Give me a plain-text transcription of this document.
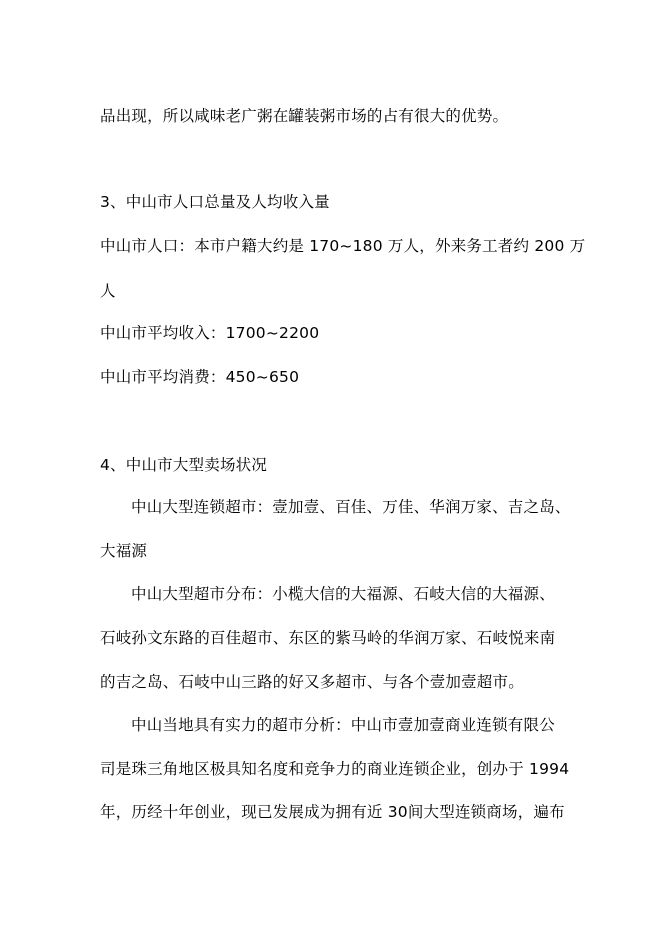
品出现，所以咸味老广粥在罐装粥市场的占有很大的优势。
3、中山市人口总量及人均收入量
中山市人口：本市户籍大约是 170~180 万人，外来务工者约 200 万
人
中山市平均收入：1700~2200
中山市平均消费：450~650
4、中山市大型卖场状况
中山大型连锁超市：壹加壹、百佳、万佳、华润万家、吉之岛、
大福源
中山大型超市分布：小榄大信的大福源、石岐大信的大福源、
石岐孙文东路的百佳超市、东区的紫马岭的华润万家、石岐悦来南
的吉之岛、石岐中山三路的好又多超市、与各个壹加壹超市。
中山当地具有实力的超市分析：中山市壹加壹商业连锁有限公
司是珠三角地区极具知名度和竞争力的商业连锁企业，创办于 1994
年，历经十年创业，现已发展成为拥有近 30间大型连锁商场，遍布
